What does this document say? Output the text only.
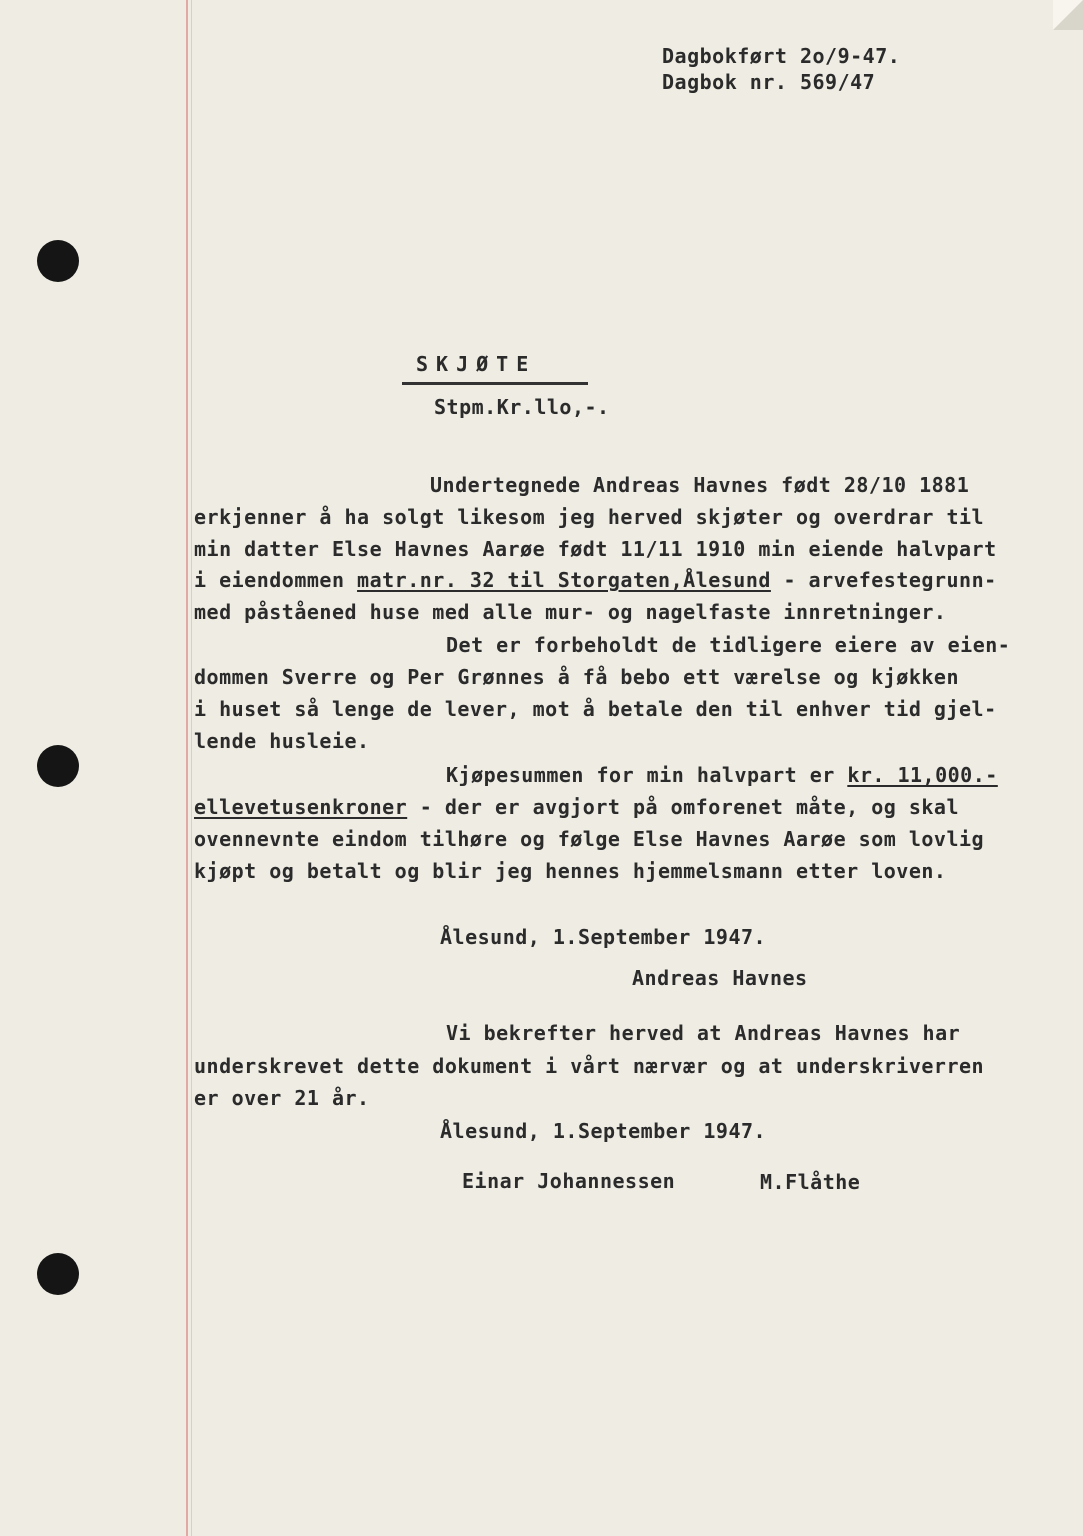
Dagbokført 2o/9-47.
Dagbok nr. 569/47
SKJØTE
Stpm.Kr.llo,-.
Undertegnede Andreas Havnes født 28/10 1881
erkjenner å ha solgt likesom jeg herved skjøter og overdrar til
min datter Else Havnes Aarøe født 11/11 1910 min eiende halvpart
i eiendommen matr.nr. 32 til Storgaten,Ålesund - arvefestegrunn-
med påståened huse med alle mur- og nagelfaste innretninger.
Det er forbeholdt de tidligere eiere av eien-
dommen Sverre og Per Grønnes å få bebo ett værelse og kjøkken
i huset så lenge de lever, mot å betale den til enhver tid gjel-
lende husleie.
Kjøpesummen for min halvpart er kr. 11,000.-
ellevetusenkroner - der er avgjort på omforenet måte, og skal
ovennevnte eindom tilhøre og følge Else Havnes Aarøe som lovlig
kjøpt og betalt og blir jeg hennes hjemmelsmann etter loven.
Ålesund, 1.September 1947.
Andreas Havnes
Vi bekrefter herved at Andreas Havnes har
underskrevet dette dokument i vårt nærvær og at underskriverren
er over 21 år.
Ålesund, 1.September 1947.
Einar Johannessen	M.Flåthe
